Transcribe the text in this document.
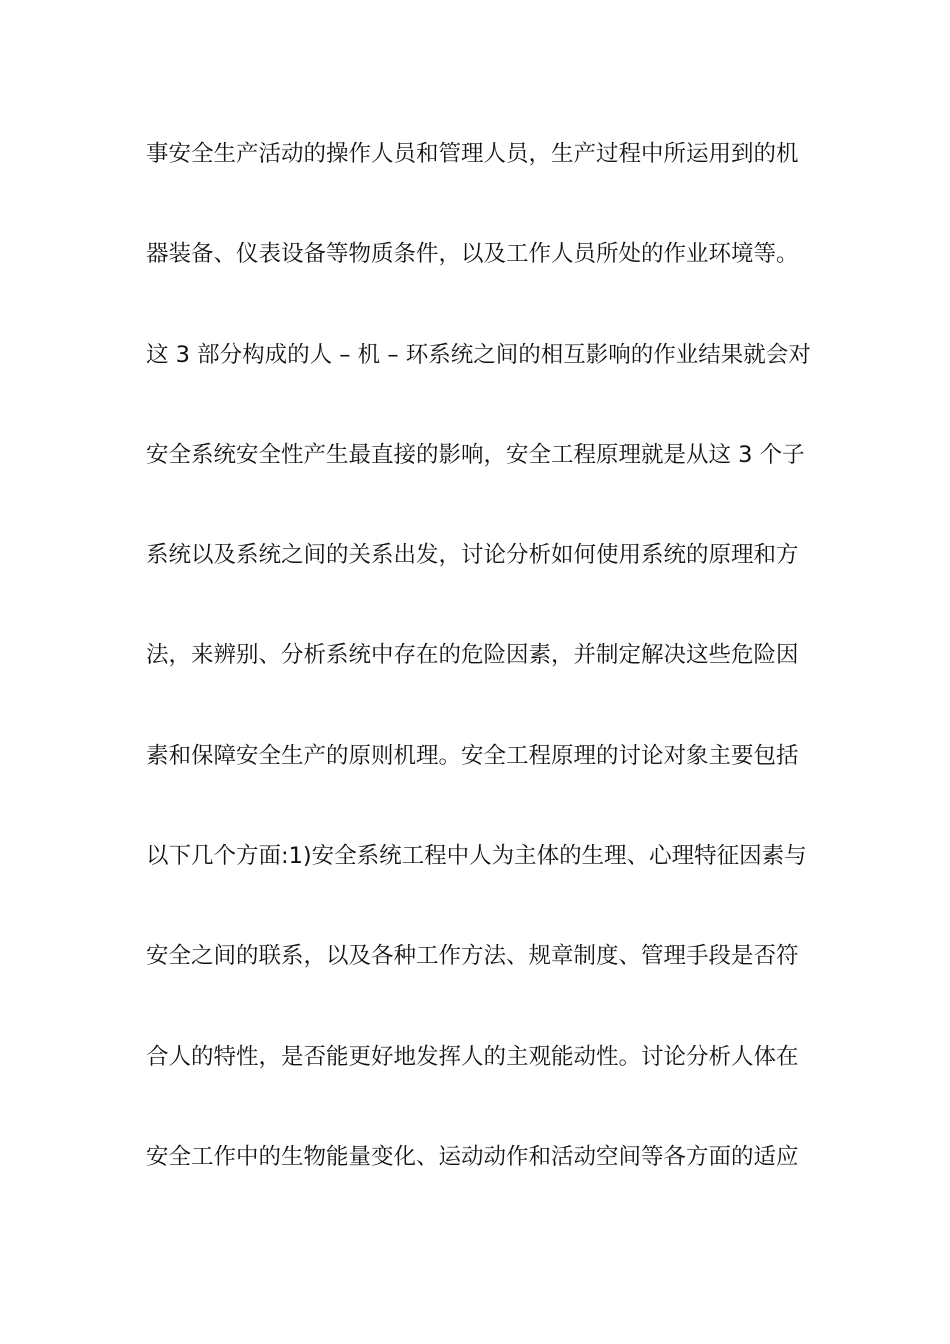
事安全生产活动的操作人员和管理人员，生产过程中所运用到的机
器装备、仪表设备等物质条件，以及工作人员所处的作业环境等。
这 3 部分构成的人 – 机 – 环系统之间的相互影响的作业结果就会对
安全系统安全性产生最直接的影响，安全工程原理就是从这 3 个子
系统以及系统之间的关系出发，讨论分析如何使用系统的原理和方
法，来辨别、分析系统中存在的危险因素，并制定解决这些危险因
素和保障安全生产的原则机理。安全工程原理的讨论对象主要包括
以下几个方面:1)安全系统工程中人为主体的生理、心理特征因素与
安全之间的联系，以及各种工作方法、规章制度、管理手段是否符
合人的特性，是否能更好地发挥人的主观能动性。讨论分析人体在
安全工作中的生物能量变化、运动动作和活动空间等各方面的适应
